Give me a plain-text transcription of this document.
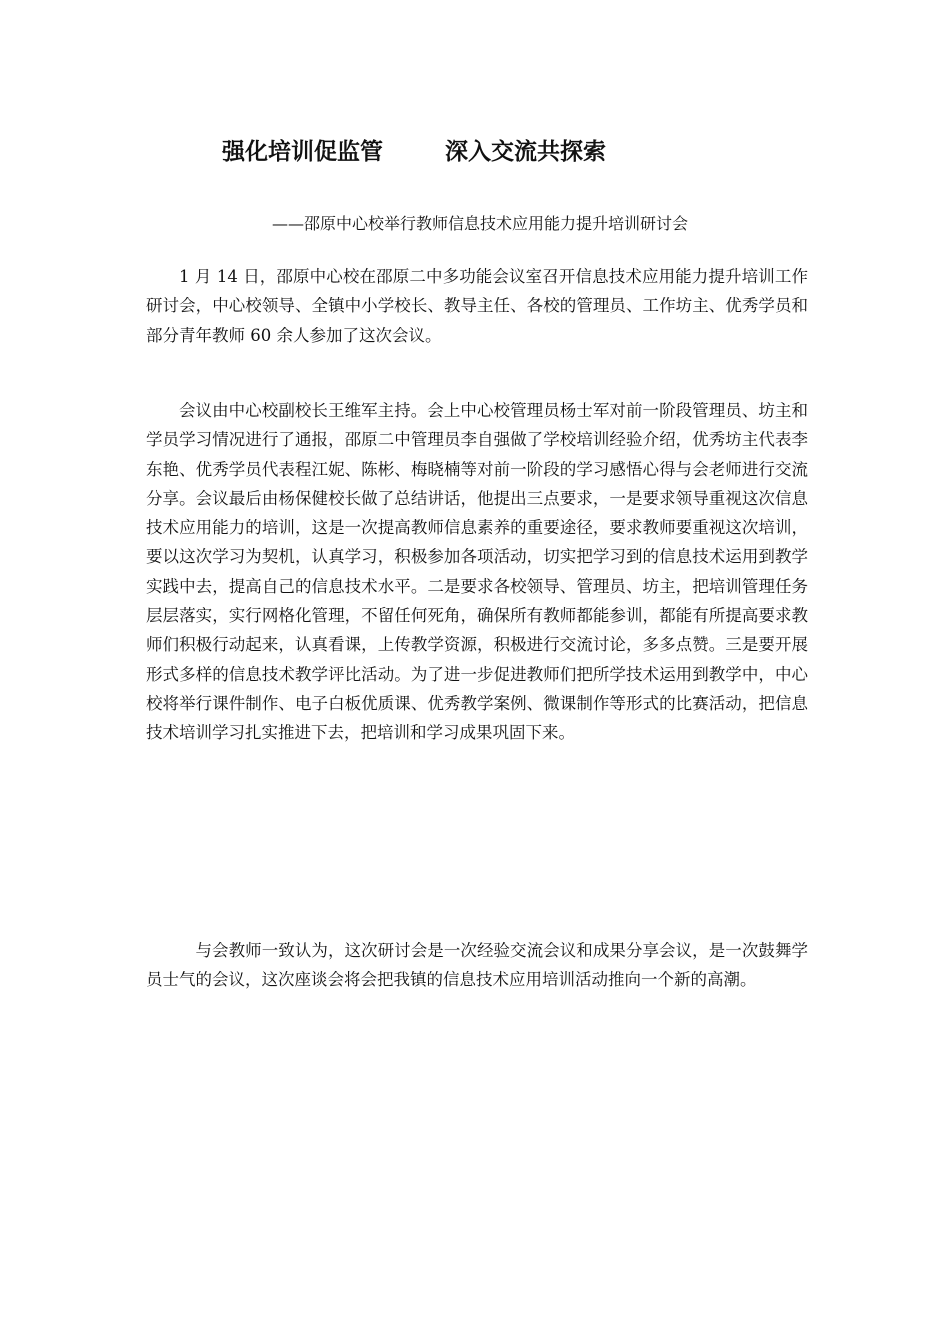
强化培训促监管	深入交流共探索
——邵原中心校举行教师信息技术应用能力提升培训研讨会

1 月 14 日，邵原中心校在邵原二中多功能会议室召开信息技术应用能力提升培训工作研讨会，中心校领导、全镇中小学校长、教导主任、各校的管理员、工作坊主、优秀学员和部分青年教师 60 余人参加了这次会议。

会议由中心校副校长王维军主持。会上中心校管理员杨士军对前一阶段管理员、坊主和学员学习情况进行了通报，邵原二中管理员李自强做了学校培训经验介绍，优秀坊主代表李东艳、优秀学员代表程江妮、陈彬、梅晓楠等对前一阶段的学习感悟心得与会老师进行交流分享。会议最后由杨保健校长做了总结讲话，他提出三点要求，一是要求领导重视这次信息技术应用能力的培训，这是一次提高教师信息素养的重要途径，要求教师要重视这次培训，要以这次学习为契机，认真学习，积极参加各项活动，切实把学习到的信息技术运用到教学实践中去，提高自己的信息技术水平。二是要求各校领导、管理员、坊主，把培训管理任务层层落实，实行网格化管理，不留任何死角，确保所有教师都能参训，都能有所提高要求教师们积极行动起来，认真看课，上传教学资源，积极进行交流讨论，多多点赞。三是要开展形式多样的信息技术教学评比活动。为了进一步促进教师们把所学技术运用到教学中，中心校将举行课件制作、电子白板优质课、优秀教学案例、微课制作等形式的比赛活动，把信息技术培训学习扎实推进下去，把培训和学习成果巩固下来。

与会教师一致认为，这次研讨会是一次经验交流会议和成果分享会议，是一次鼓舞学员士气的会议，这次座谈会将会把我镇的信息技术应用培训活动推向一个新的高潮。
